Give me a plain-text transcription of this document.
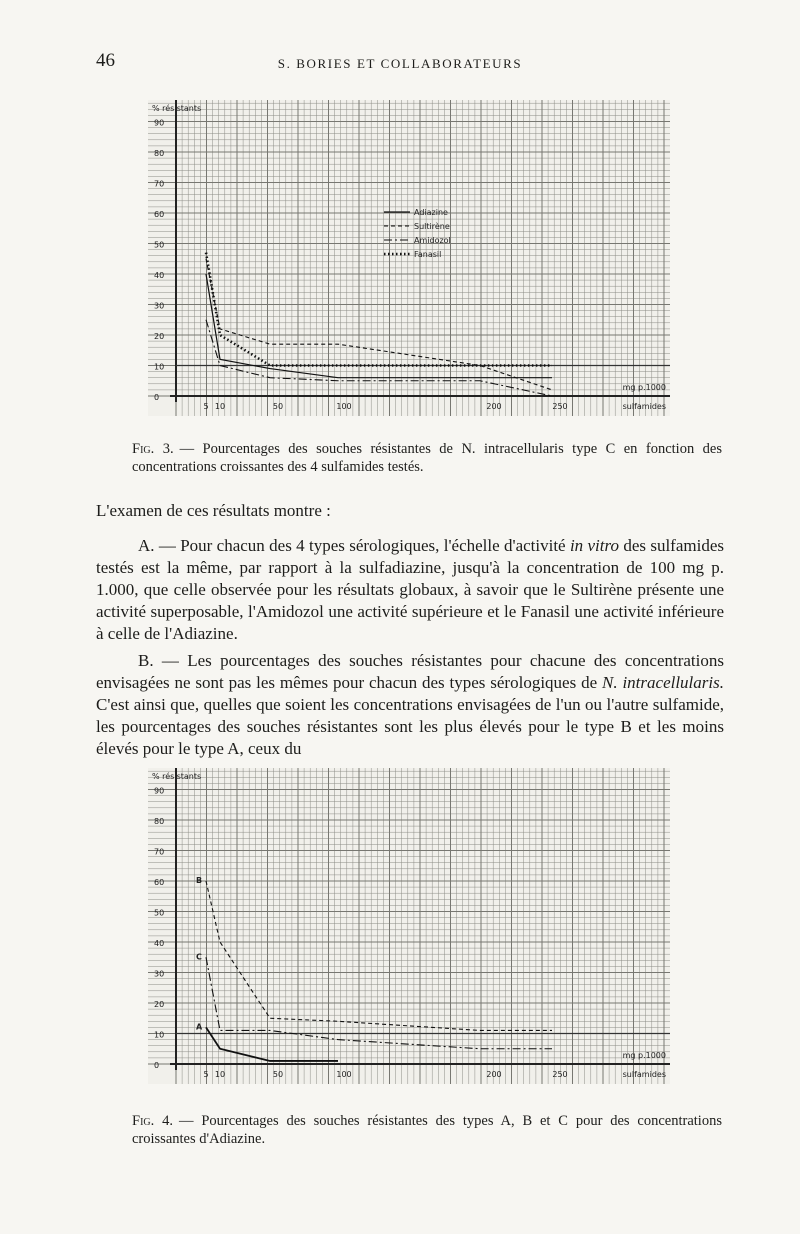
46	S. BORIES ET COLLABORATEURS
% résistants
90
80
70
60
50
40
30
20
10
0
5 10	50	100	200	250
mg p.1000
sulfamides
Adiazine
Sultirène
Amidozol
Fanasil
Fig. 3. — Pourcentages des souches résistantes de N. intracellularis type C en fonction des concentrations croissantes des 4 sulfamides testés.
L'examen de ces résultats montre :

A. — Pour chacun des 4 types sérologiques, l'échelle d'activité in vitro des sulfamides testés est la même, par rapport à la sulfadiazine, jusqu'à la concentration de 100 mg p. 1.000, que celle observée pour les résultats globaux, à savoir que le Sultirène présente une activité superposable, l'Amidozol une activité supérieure et le Fanasil une activité inférieure à celle de l'Adiazine.

B. — Les pourcentages des souches résistantes pour chacune des concentrations envisagées ne sont pas les mêmes pour chacun des types sérologiques de N. intracellularis. C'est ainsi que, quelles que soient les concentrations envisagées de l'un ou l'autre sulfamide, les pourcentages des souches résistantes sont les plus élevés pour le type B et les moins élevés pour le type A, ceux du

% résistants
90
80
70
60
50
40
30
20
10
0
5 10	50	100	200	250
mg p.1000
sulfamides
B
C
A
Fig. 4. — Pourcentages des souches résistantes des types A, B et C pour des concentrations croissantes d'Adiazine.
